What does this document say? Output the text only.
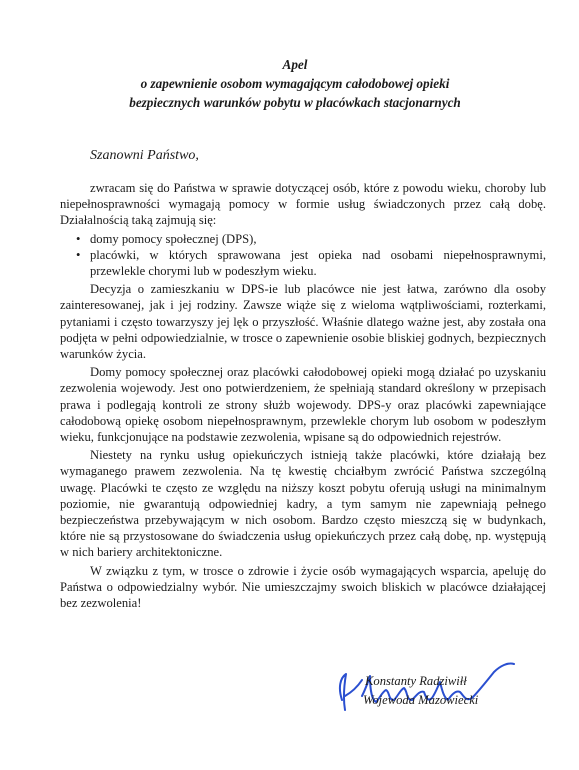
Apel
o zapewnienie osobom wymagającym całodobowej opieki
bezpiecznych warunków pobytu w placówkach stacjonarnych
Szanowni Państwo,

zwracam się do Państwa w sprawie dotyczącej osób, które z powodu wieku, choroby lub niepełnosprawności wymagają pomocy w formie usług świadczonych przez całą dobę. Działalnością taką zajmują się:

• domy pomocy społecznej (DPS),
• placówki, w których sprawowana jest opieka nad osobami niepełnosprawnymi, przewlekle chorymi lub w podeszłym wieku.

Decyzja o zamieszkaniu w DPS-ie lub placówce nie jest łatwa, zarówno dla osoby zainteresowanej, jak i jej rodziny. Zawsze wiąże się z wieloma wątpliwościami, rozterkami, pytaniami i często towarzyszy jej lęk o przyszłość. Właśnie dlatego ważne jest, aby została ona podjęta w pełni odpowiedzialnie, w trosce o zapewnienie osobie bliskiej godnych, bezpiecznych warunków życia.

Domy pomocy społecznej oraz placówki całodobowej opieki mogą działać po uzyskaniu zezwolenia wojewody. Jest ono potwierdzeniem, że spełniają standard określony w przepisach prawa i podlegają kontroli ze strony służb wojewody. DPS-y oraz placówki zapewniające całodobową opiekę osobom niepełnosprawnym, przewlekle chorym lub osobom w podeszłym wieku, funkcjonujące na podstawie zezwolenia, wpisane są do odpowiednich rejestrów.

Niestety na rynku usług opiekuńczych istnieją także placówki, które działają bez wymaganego prawem zezwolenia. Na tę kwestię chciałbym zwrócić Państwa szczególną uwagę. Placówki te często ze względu na niższy koszt pobytu oferują usługi na minimalnym poziomie, nie gwarantują odpowiedniej kadry, a tym samym nie zapewniają pełnego bezpieczeństwa przebywającym w nich osobom. Bardzo często mieszczą się w budynkach, które nie są przystosowane do świadczenia usług opiekuńczych przez całą dobę, np. występują w nich bariery architektoniczne.

W związku z tym, w trosce o zdrowie i życie osób wymagających wsparcia, apeluję do Państwa o odpowiedzialny wybór. Nie umieszczajmy swoich bliskich w placówce działającej bez zezwolenia!

Konstanty Radziwiłł
Wojewoda Mazowiecki
